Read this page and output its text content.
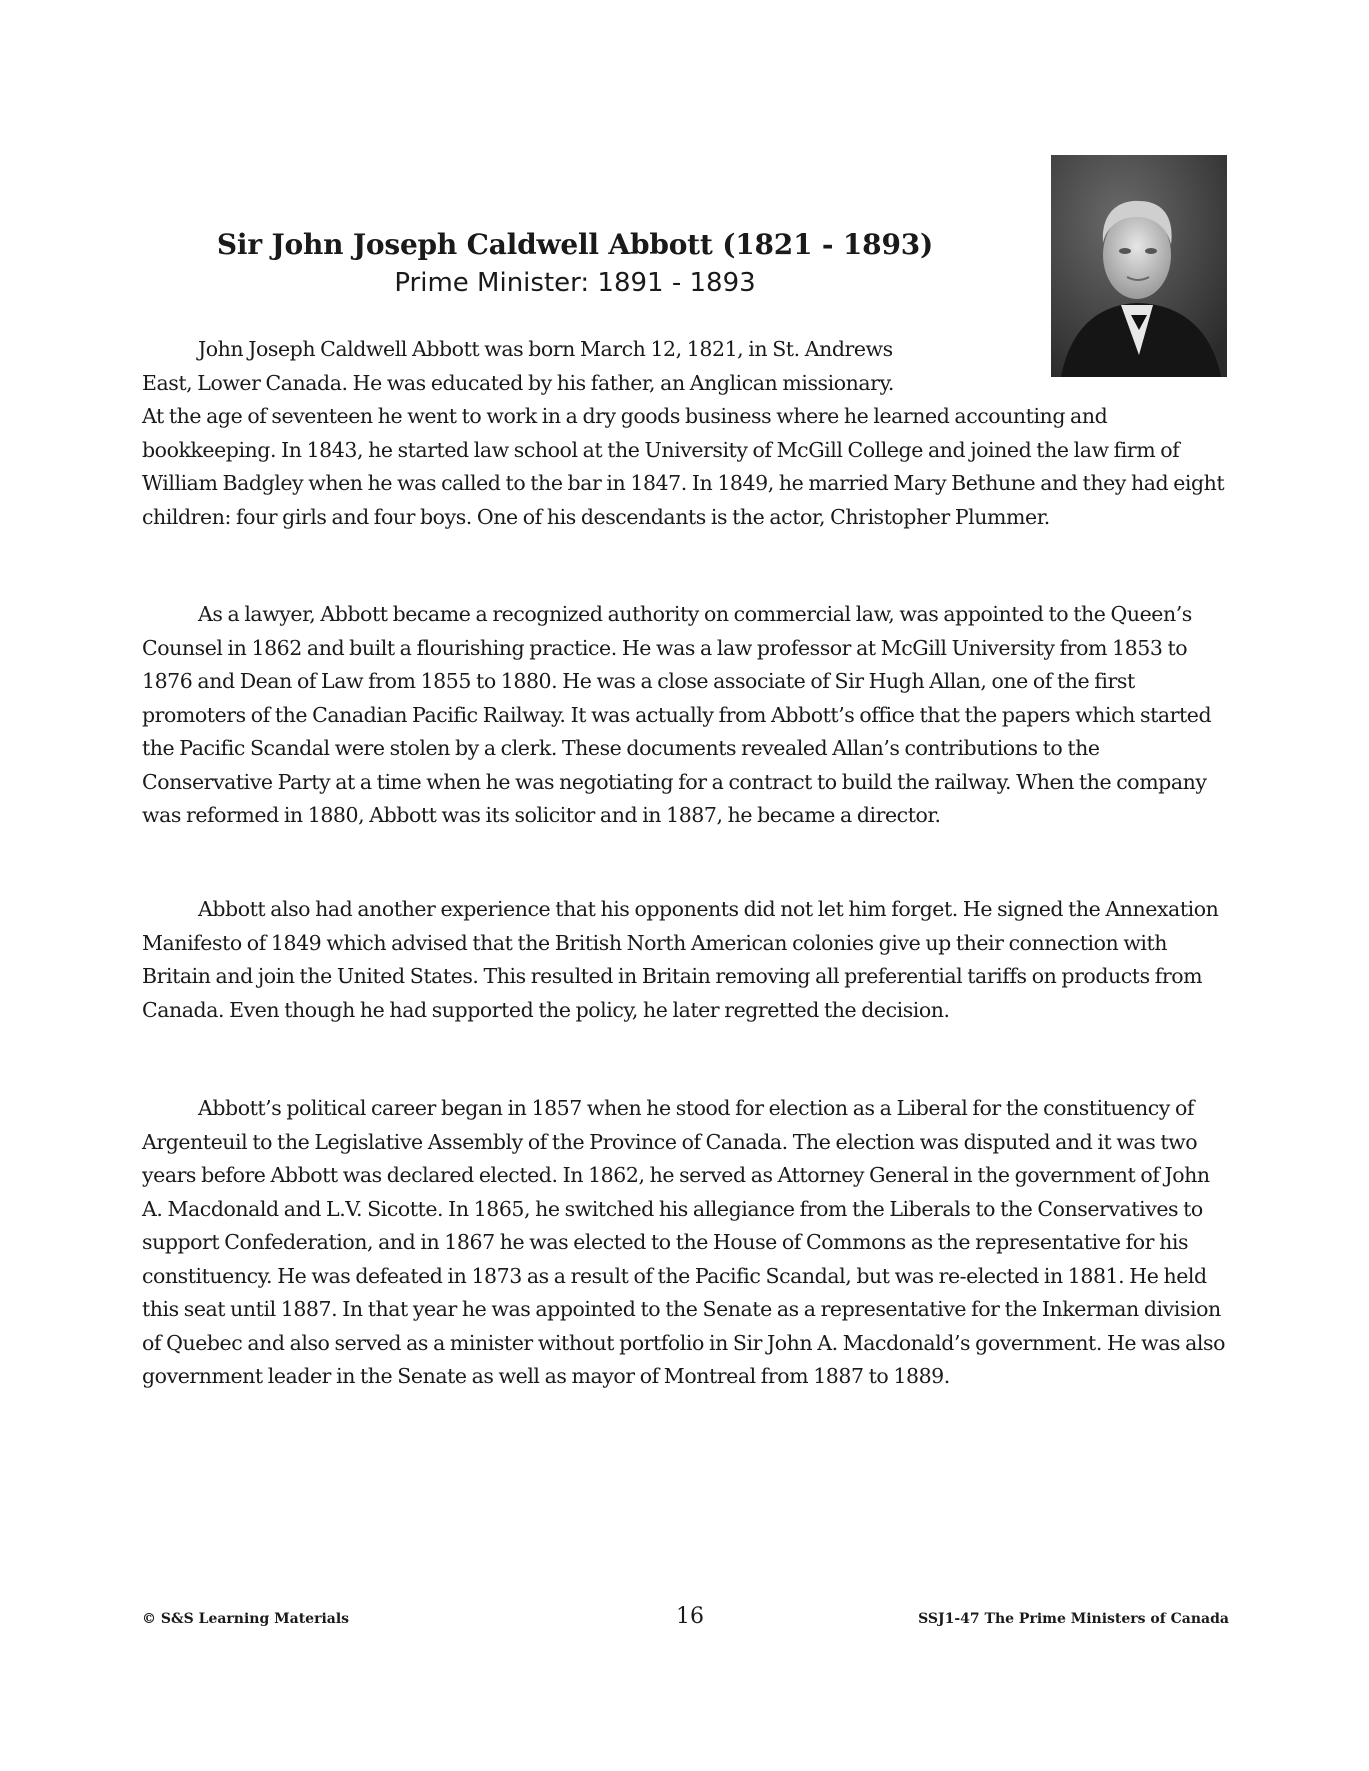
Sir John Joseph Caldwell Abbott (1821 - 1893)
Prime Minister: 1891 - 1893

John Joseph Caldwell Abbott was born March 12, 1821, in St. Andrews

East, Lower Canada. He was educated by his father, an Anglican missionary.
At the age of seventeen he went to work in a dry goods business where he learned accounting and bookkeeping. In 1843, he started law school at the University of McGill College and joined the law firm of William Badgley when he was called to the bar in 1847. In 1849, he married Mary Bethune and they had eight children: four girls and four boys. One of his descendants is the actor, Christopher Plummer.

As a lawyer, Abbott became a recognized authority on commercial law, was appointed to the Queen’s Counsel in 1862 and built a flourishing practice. He was a law professor at McGill University from 1853 to 1876 and Dean of Law from 1855 to 1880. He was a close associate of Sir Hugh Allan, one of the first promoters of the Canadian Pacific Railway. It was actually from Abbott’s office that the papers which started the Pacific Scandal were stolen by a clerk. These documents revealed Allan’s contributions to the Conservative Party at a time when he was negotiating for a contract to build the railway. When the company was reformed in 1880, Abbott was its solicitor and in 1887, he became a director.

Abbott also had another experience that his opponents did not let him forget. He signed the Annexation Manifesto of 1849 which advised that the British North American colonies give up their connection with Britain and join the United States. This resulted in Britain removing all preferential tariffs on products from Canada. Even though he had supported the policy, he later regretted the decision.

Abbott’s political career began in 1857 when he stood for election as a Liberal for the constituency of Argenteuil to the Legislative Assembly of the Province of Canada. The election was disputed and it was two years before Abbott was declared elected. In 1862, he served as Attorney General in the government of John A. Macdonald and L.V. Sicotte. In 1865, he switched his allegiance from the Liberals to the Conservatives to support Confederation, and in 1867 he was elected to the House of Commons as the representative for his constituency. He was defeated in 1873 as a result of the Pacific Scandal, but was re-elected in 1881. He held this seat until 1887. In that year he was appointed to the Senate as a representative for the Inkerman division of Quebec and also served as a minister without portfolio in Sir John A. Macdonald’s government. He was also government leader in the Senate as well as mayor of Montreal from 1887 to 1889.

© S&S Learning Materials	16	SSJ1-47 The Prime Ministers of Canada
